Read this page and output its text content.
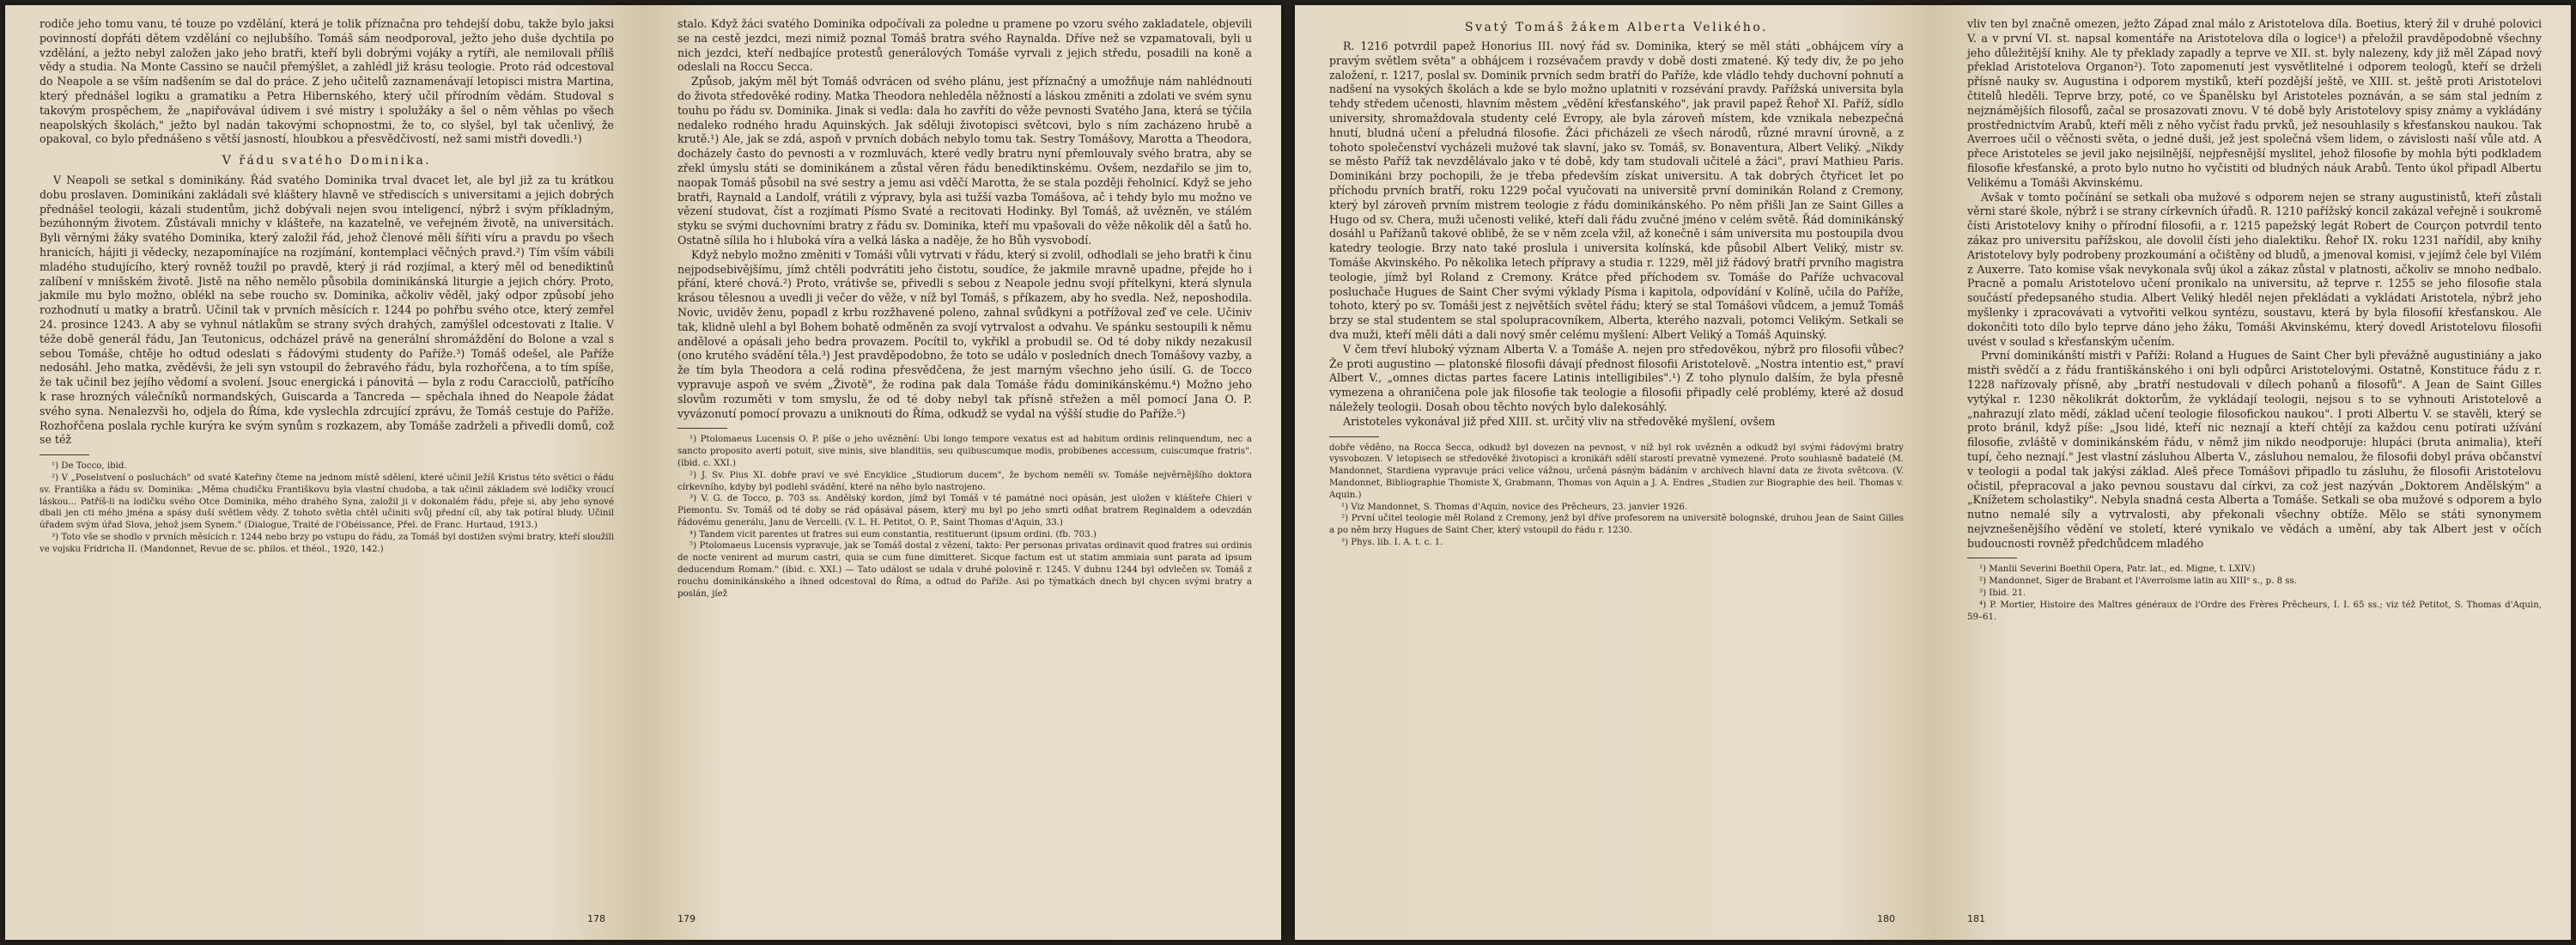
rodiče jeho tomu vanu, té touze po vzdělání, která je tolik příznačna pro tehdejší dobu, takže bylo jaksi povinností dopřáti dětem vzdělání co nejlubšího. Tomáš sám neodporoval, ježto jeho duše dychtila po vzdělání, a ježto nebyl založen jako jeho bratři, kteří byli dobrými vojáky a rytíři, ale nemilovali příliš vědy a studia. Na Monte Cassino se naučil přemýšlet, a zahlédl již krásu teologie. Proto rád odcestoval do Neapole a se vším nadšením se dal do práce. Z jeho učitelů zaznamenávají letopisci mistra Martina, který přednášel logiku a gramatiku a Petra Hibernského, který učil přírodním vědám. Studoval s takovým prospěchem, že „napiřovával údivem i své mistry i spolužáky a šel o něm věhlas po všech neapolských školách," ježto byl nadán takovými schopnostmi, že to, co slyšel, byl tak učenlivý, že opakoval, co bylo přednášeno s větší jasností, hloubkou a přesvědčivostí, než sami mistři dovedli.¹)

V řádu svatého Dominika.

V Neapoli se setkal s dominikány. Řád svatého Dominika trval dvacet let, ale byl již za tu krátkou dobu proslaven. Dominikáni zakládali své kláštery hlavně ve střediscích s universitami a jejich dobrých přednášel teologii, kázali studentům, jichž dobývali nejen svou inteligencí, nýbrž i svým příkladným, bezúhonným životem. Zůstávali mnichy v klášteře, na kazatelně, ve veřejném životě, na universitách. Byli věrnými žáky svatého Dominika, který založil řád, jehož členové měli šířiti víru a pravdu po všech hranicích, hájiti ji vědecky, nezapomínajíce na rozjímání, kontemplaci věčných pravd.²) Tím vším vábili mladého studujícího, který rovněž toužil po pravdě, který ji rád rozjímal, a který měl od benediktinů zalíbení v mnišském životě. Jistě na něho nemělo působila dominikánská liturgie a jejich chóry. Proto, jakmile mu bylo možno, oblékl na sebe roucho sv. Dominika, ačkoliv věděl, jaký odpor způsobí jeho rozhodnutí u matky a bratrů. Učinil tak v prvních měsících r. 1244 po pohřbu svého otce, který zemřel 24. prosince 1243. A aby se vyhnul nátlakům se strany svých drahých, zamýšlel odcestovati z Italie. V téže době generál řádu, Jan Teutonicus, odcházel právě na generální shromáždění do Bolone a vzal s sebou Tomáše, chtěje ho odtud odeslati s řádovými studenty do Paříže.³) Tomáš odešel, ale Paříže nedosáhl. Jeho matka, zvěděvši, že jeli syn vstoupil do žebravého řádu, byla rozhořčena, a to tím spíše, že tak učinil bez jejího vědomí a svolení. Jsouc energická i pánovitá — byla z rodu Caracciolů, patřícího k rase hrozných válečníků normandských, Guiscarda a Tancreda — spěchala ihned do Neapole žádat svého syna. Nenalezvši ho, odjela do Říma, kde vyslechla zdrcující zprávu, že Tomáš cestuje do Paříže. Rozhořčena poslala rychle kurýra ke svým synům s rozkazem, aby Tomáše zadrželi a přivedli domů, což se též

¹) De Tocco, ibid.

²) V „Poselstvení o posluchách" od svaté Kateřiny čteme na jednom místě sdělení, které učinil Ježíš Kristus této světici o řádu sv. Františka a řádu sv. Dominika: „Měma chudičku Františkovu byla vlastní chudoba, a tak učinil základem své lodičky vroucí láskou... Patříš-li na lodičku svého Otce Dominika, mého drahého Syna, založil ji v dokonalém řádu, přeje si, aby jeho synové dbali jen cti mého jména a spásy duší světlem vědy. Z tohoto světla chtěl učiniti svůj přední cíl, aby tak potíral bludy. Učinil úřadem svým úřad Slova, jehož jsem Synem." (Dialogue, Traité de l'Obéissance, Přel. de Franc. Hurtaud, 1913.)

³) Toto vše se shodlo v prvních měsících r. 1244 nebo brzy po vstupu do řádu, za Tomáš byl dostižen svými bratry, kteří sloužili ve vojsku Fridricha II. (Mandonnet, Revue de sc. philos. et théol., 1920, 142.)

178

stalo. Když žáci svatého Dominika odpočívali za poledne u pramene po vzoru svého zakladatele, objevili se na cestě jezdci, mezi nimiž poznal Tomáš bratra svého Raynalda. Dříve než se vzpamatovali, byli u nich jezdci, kteří nedbajíce protestů generálových Tomáše vyrvali z jejich středu, posadili na koně a odeslali na Roccu Secca.

Způsob, jakým měl být Tomáš odvrácen od svého plánu, jest příznačný a umožňuje nám nahlédnouti do života středověké rodiny. Matka Theodora nehleděla něžností a láskou změniti a zdolati ve svém synu touhu po řádu sv. Dominika. Jinak si vedla: dala ho zavříti do věže pevnosti Svatého Jana, která se týčila nedaleko rodného hradu Aquinských. Jak sděluji životopisci světcovi, bylo s ním zacházeno hrubě a krutě.¹) Ale, jak se zdá, aspoň v prvních dobách nebylo tomu tak. Sestry Tomášovy, Marotta a Theodora, docházely často do pevnosti a v rozmluvách, které vedly bratru nyní přemlouvaly svého bratra, aby se zřekl úmyslu státi se dominikánem a zůstal věren řádu benediktinskému. Ovšem, nezdařilo se jim to, naopak Tomáš působil na své sestry a jemu asi vděčí Marotta, že se stala později řeholnicí. Když se jeho bratři, Raynald a Landolf, vrátili z výpravy, byla asi tužší vazba Tomášova, ač i tehdy bylo mu možno ve vězení studovat, číst a rozjímati Písmo Svaté a recitovati Hodinky. Byl Tomáš, až uvězněn, ve stálém styku se svými duchovními bratry z řádu sv. Dominika, kteří mu vpašovali do věže několik děl a šatů ho. Ostatně sílila ho i hluboká víra a velká láska a naděje, že ho Bůh vysvobodí.

Když nebylo možno změniti v Tomáši vůli vytrvati v řádu, který si zvolil, odhodlali se jeho bratři k činu nejpodsebivějšímu, jímž chtěli podvrátiti jeho čistotu, soudíce, že jakmile mravně upadne, přejde ho i přání, které chová.²) Proto, vrátivše se, přivedli s sebou z Neapole jednu svojí přítelkyni, která slynula krásou tělesnou a uvedli ji večer do věže, v níž byl Tomáš, s příkazem, aby ho svedla. Než, neposhodila. Novic, uviděv ženu, popadl z krbu rozžhavené poleno, zahnal svůdkyni a potřížoval zeď ve cele. Učiniv tak, klidně ulehl a byl Bohem bohatě odměněn za svojí vytrvalost a odvahu. Ve spánku sestoupili k němu andělové a opásali jeho bedra provazem. Pocítil to, vykřikl a probudil se. Od té doby nikdy nezakusil (ono krutého svádění těla.³) Jest pravděpodobno, že toto se událo v posledních dnech Tomášovy vazby, a že tím byla Theodora a celá rodina přesvědčena, že jest marným všechno jeho úsilí. G. de Tocco vypravuje aspoň ve svém „Životě", že rodina pak dala Tomáše řádu dominikánskému.⁴) Možno jeho slovům rozuměti v tom smyslu, že od té doby nebyl tak přísně střežen a měl pomocí Jana O. P. vyvázonutí pomocí provazu a uniknouti do Říma, odkudž se vydal na výšší studie do Paříže.⁵)

¹) Ptolomaeus Lucensis O. P. píše o jeho uvěznění: Ubi longo tempore vexatus est ad habitum ordinis relinquendum, nec a sancto proposito averti potuit, sive minis, sive blanditiis, seu quibuscumque modis, probibenes accessum, cuiscumque fratris". (ibid. c. XXI.)

²) J. Sv. Pius XI. dobře praví ve své Encyklice „Studiorum ducem", že bychom neměli sv. Tomáše nejvěrnějšího doktora církevního, kdyby byl podlehl svádění, které na něho bylo nastrojeno.

³) V. G. de Tocco, p. 703 ss. Andělský kordon, jímž byl Tomáš v té památné noci opásán, jest uložen v klášteře Chieri v Piemontu. Sv. Tomáš od té doby se rád opásával pásem, který mu byl po jeho smrti odňat bratrem Reginaldem a odevzdán řádovému generálu, Janu de Vercelli. (V. L. H. Petitot, O. P., Saint Thomas d'Aquin, 33.)

⁴) Tandem vicit parentes ut fratres sui eum constantia, restituerunt (ipsum ordini. (fb. 703.)

⁵) Ptolomaeus Lucensis vypravuje, jak se Tomáš dostal z vězení, takto: Per personas privatas ordinavit quod fratres sui ordinis de nocte venirent ad murum castri, quia se cum fune dimitteret. Sicque factum est ut statim ammiaia sunt parata ad ipsum deducendum Romam." (ibid. c. XXI.) — Tato událost se udala v druhé polovině r. 1245. V dubnu 1244 byl odvlečen sv. Tomáš z rouchu dominikánského a ihned odcestoval do Říma, a odtud do Paříže. Asi po týmatkách dnech byl chycen svými bratry a poslán, jíež

179
Svatý Tomáš žákem Alberta Velikého.

R. 1216 potvrdil papež Honorius III. nový řád sv. Dominika, který se měl státi „obhájcem víry a pravým světlem světa" a obhájcem i rozsévačem pravdy v době dosti zmatené. Ký tedy div, že po jeho založení, r. 1217, poslal sv. Dominik prvních sedm bratří do Paříže, kde vládlo tehdy duchovní pohnutí a nadšení na vysokých školách a kde se bylo možno uplatniti v rozsévání pravdy. Pařížská universita byla tehdy středem učenosti, hlavním městem „vědění křesťanského", jak pravil papež Řehoř XI. Paříž, sídlo university, shromaždovala studenty celé Evropy, ale byla zároveň místem, kde vznikala nebezpečná hnutí, bludná učení a přeludná filosofie. Žáci přicházeli ze všech národů, různé mravní úrovně, a z tohoto společenství vycházeli mužové tak slavní, jako sv. Tomáš, sv. Bonaventura, Albert Veliký. „Nikdy se město Paříž tak nevzdělávalo jako v té době, kdy tam studovali učitelé a žáci", praví Mathieu Paris. Dominikáni brzy pochopili, že je třeba především získat universitu. A tak dobrých čtyřicet let po příchodu prvních bratří, roku 1229 počal vyučovati na universitě první dominikán Roland z Cremony, který byl zároveň prvním mistrem teologie z řádu dominikánského. Po něm přišli Jan ze Saint Gilles a Hugo od sv. Chera, muži učenosti veliké, kteří dali řádu zvučné jméno v celém světě. Řád dominikánský dosáhl u Pařížanů takové oblibě, že se v něm zcela vžil, až konečně i sám universita mu postoupila dvou katedry teologie. Brzy nato také proslula i universita kolínská, kde působil Albert Veliký, mistr sv. Tomáše Akvinského. Po několika letech přípravy a studia r. 1229, měl již řádový bratří prvního magistra teologie, jímž byl Roland z Cremony. Krátce před příchodem sv. Tomáše do Paříže uchvacoval posluchače Hugues de Saint Cher svými výklady Písma i kapitola, odpovídání v Kolíně, učila do Paříže, tohoto, který po sv. Tomáši jest z největších světel řádu; který se stal Tomášovi vůdcem, a jemuž Tomáš brzy se stal studentem se stal spolupracovníkem, Alberta, kterého nazvali, potomci Velikým. Setkali se dva muži, kteří měli dáti a dali nový směr celému myšlení: Albert Veliký a Tomáš Aquinský.

V čem třeví hluboký význam Alberta V. a Tomáše A. nejen pro středověkou, nýbrž pro filosofii vůbec? Že proti augustino — platonské filosofii dávají přednost filosofii Aristotelově. „Nostra intentio est," praví Albert V., „omnes dictas partes facere Latinis intelligibiles".¹) Z toho plynulo dalším, že byla přesně vymezena a ohraničena pole jak filosofie tak teologie a filosofii připadly celé problémy, které až dosud náležely teologii. Dosah obou těchto nových bylo dalekosáhlý.

Aristoteles vykonával již před XIII. st. určitý vliv na středověké myšlení, ovšem

dobře věděno, na Rocca Secca, odkudž byl dovezen na pevnost, v níž byl rok uvězněn a odkudž byl svými řádovými bratry vysvobozen. V letopisech se středověké životopisci a kronikáři sdělí starostí prevatně vymezené. Proto souhlasně badatelé (M. Mandonnet, Stardiena vypravuje práci velice vážnou, určená pásným bádáním v archívech hlavní data ze života světcova. (V. Mandonnet, Bibliographie Thomiste X, Grabmann, Thomas von Aquin a J. A. Endres „Studien zur Biographie des heil. Thomas v. Aquin.)

¹) Viz Mandonnet, S. Thomas d'Aquin, novice des Prêcheurs, 23. janvier 1926.

²) První učitel teologie měl Roland z Cremony, jenž byl dříve profesorem na universitě bolognské, druhou Jean de Saint Gilles a po něm brzy Hugues de Saint Cher, který vstoupil do řádu r. 1230.

³) Phys. lib. I. A. t. c. 1.

180

vliv ten byl značně omezen, ježto Západ znal málo z Aristotelova díla. Boetius, který žil v druhé polovici V. a v první VI. st. napsal komentáře na Aristotelova díla o logice¹) a přeložil pravděpodobně všechny jeho důležitější knihy. Ale ty překlady zapadly a teprve ve XII. st. byly nalezeny, kdy již měl Západ nový překlad Aristotelova Organon²). Toto zapomenutí jest vysvětlitelné i odporem teologů, kteří se drželi přísně nauky sv. Augustina i odporem mystiků, kteří pozdější ještě, ve XIII. st. ještě proti Aristotelovi čtitelů hleděli. Teprve brzy, poté, co ve Španělsku byl Aristoteles poznáván, a se sám stal jedním z nejznámějších filosofů, začal se prosazovati znovu. V té době byly Aristotelovy spisy známy a vykládány prostřednictvím Arabů, kteří měli z něho vyčíst řadu prvků, jež nesouhlasily s křesťanskou naukou. Tak Averroes učil o věčnosti světa, o jedné duši, jež jest společná všem lidem, o závislosti naší vůle atd. A přece Aristoteles se jevil jako nejsilnější, nejpřesnější myslitel, jehož filosofie by mohla býti podkladem filosofie křesťanské, a proto bylo nutno ho vyčistiti od bludných náuk Arabů. Tento úkol připadl Albertu Velikému a Tomáši Akvinskému.

Avšak v tomto počínání se setkali oba mužové s odporem nejen se strany augustinistů, kteří zůstali věrni staré škole, nýbrž i se strany církevních úřadů. R. 1210 pařížský koncil zakázal veřejně i soukromě čísti Aristotelovy knihy o přírodní filosofii, a r. 1215 papežský legát Robert de Courçon potvrdil tento zákaz pro universitu pařížskou, ale dovolil čísti jeho dialektiku. Řehoř IX. roku 1231 nařídil, aby knihy Aristotelovy byly podrobeny prozkoumání a očištěny od bludů, a jmenoval komisi, v jejímž čele byl Vilém z Auxerre. Tato komise však nevykonala svůj úkol a zákaz zůstal v platnosti, ačkoliv se mnoho nedbalo. Pracně a pomalu Aristotelovo učení pronikalo na universitu, až teprve r. 1255 se jeho filosofie stala součástí předepsaného studia. Albert Veliký hleděl nejen překládati a vykládati Aristotela, nýbrž jeho myšlenky i zpracovávati a vytvořiti velkou syntézu, soustavu, která by byla filosofií křesťanskou. Ale dokončiti toto dílo bylo teprve dáno jeho žáku, Tomáši Akvinskému, který dovedl Aristotelovu filosofii uvést v soulad s křesťanským učením.

První dominikánští mistři v Paříži: Roland a Hugues de Saint Cher byli převážně augustiniány a jako mistři svědčí a z řádu františkánského i oni byli odpůrci Aristotelovými. Ostatně, Konstituce řádu z r. 1228 nařízovaly přísně, aby „bratří nestudovali v dílech pohanů a filosofů". A Jean de Saint Gilles vytýkal r. 1230 několikrát doktorům, že vykládají teologii, nejsou s to se vyhnouti Aristotelově a „nahrazují zlato mědí, základ učení teologie filosofickou naukou". I proti Albertu V. se stavěli, který se proto bránil, když píše: „Jsou lidé, kteří nic neznají a kteří chtějí za každou cenu potírati užívání filosofie, zvláště v dominikánském řádu, v němž jim nikdo neodporuje: hlupáci (bruta animalia), kteří tupí, čeho neznají." Jest vlastní zásluhou Alberta V., zásluhou nemalou, že filosofii dobyl práva občanství v teologii a podal tak jakýsi základ. Aleš přece Tomášovi připadlo tu zásluhu, že filosofii Aristotelovu očistil, přepracoval a jako pevnou soustavu dal církvi, za což jest nazýván „Doktorem Andělským" a „Knížetem scholastiky". Nebyla snadná cesta Alberta a Tomáše. Setkali se oba mužové s odporem a bylo nutno nemalé síly a vytrvalosti, aby překonali všechny obtíže. Mělo se státi synonymem nejvznešenějšího vědění ve století, které vynikalo ve vědách a umění, aby tak Albert jest v očích budoucnosti rovněž předchůdcem mladého

¹) Manlii Severini Boethii Opera, Patr. lat., ed. Migne, t. LXIV.)

²) Mandonnet, Siger de Brabant et l'Averroïsme latin au XIIIᵉ s., p. 8 ss.

³) Ibid. 21.

⁴) P. Mortier, Histoire des Maîtres généraux de l'Ordre des Frères Prêcheurs, I. I. 65 ss.; viz též Petitot, S. Thomas d'Aquin, 59–61.

181
